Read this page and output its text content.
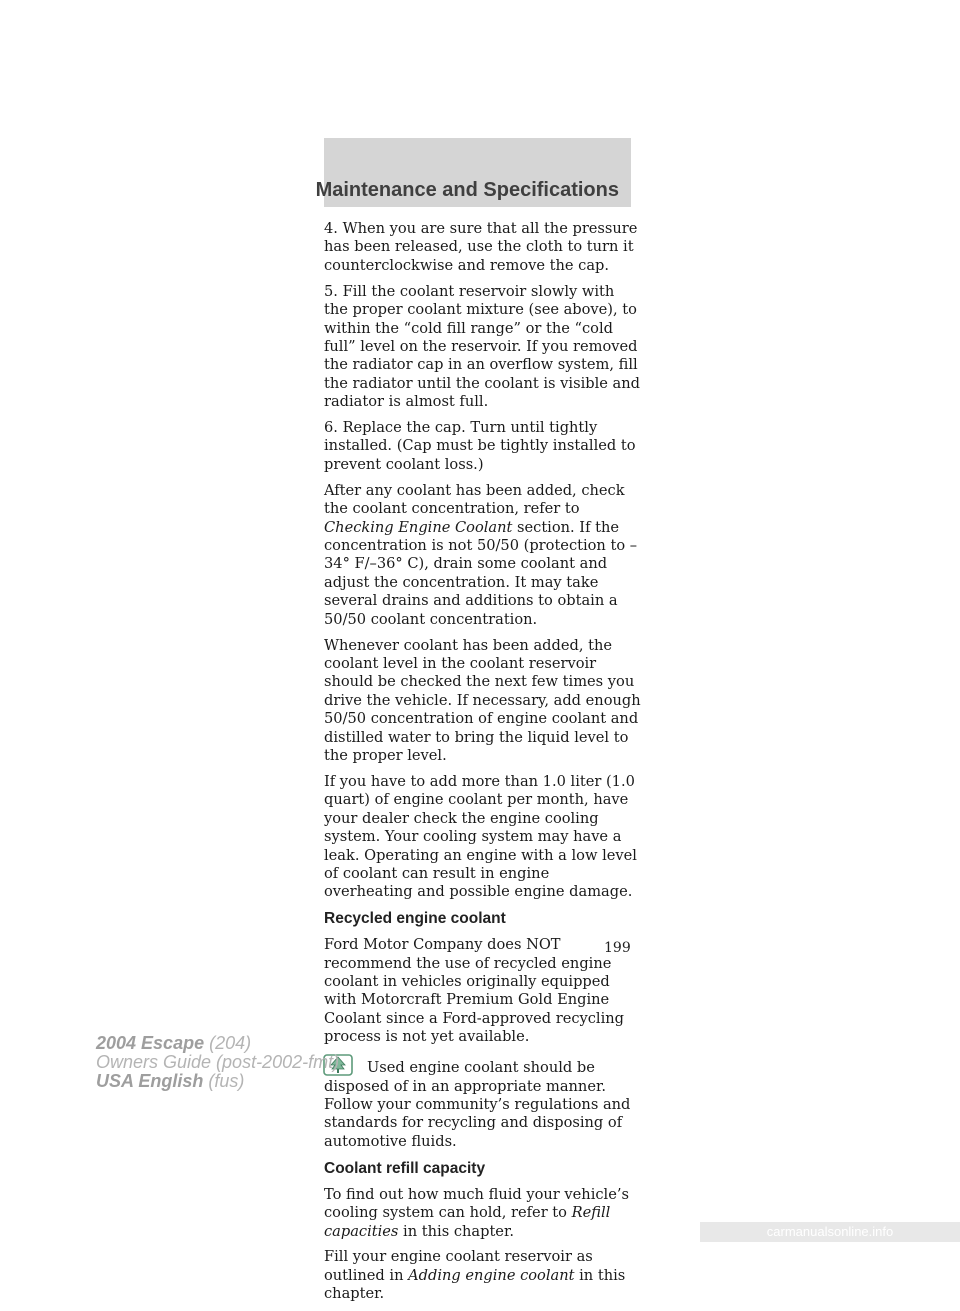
Maintenance and Specifications

4. When you are sure that all the pressure has been released, use the cloth to turn it counterclockwise and remove the cap.

5. Fill the coolant reservoir slowly with the proper coolant mixture (see above), to within the “cold fill range” or the “cold full” level on the reservoir. If you removed the radiator cap in an overflow system, fill the radiator until the coolant is visible and radiator is almost full.

6. Replace the cap. Turn until tightly installed. (Cap must be tightly installed to prevent coolant loss.)

After any coolant has been added, check the coolant concentration, refer to Checking Engine Coolant section. If the concentration is not 50/50 (protection to –34° F/–36° C), drain some coolant and adjust the concentration. It may take several drains and additions to obtain a 50/50 coolant concentration.

Whenever coolant has been added, the coolant level in the coolant reservoir should be checked the next few times you drive the vehicle. If necessary, add enough 50/50 concentration of engine coolant and distilled water to bring the liquid level to the proper level.

If you have to add more than 1.0 liter (1.0 quart) of engine coolant per month, have your dealer check the engine cooling system. Your cooling system may have a leak. Operating an engine with a low level of coolant can result in engine overheating and possible engine damage.

Recycled engine coolant

Ford Motor Company does NOT recommend the use of recycled engine coolant in vehicles originally equipped with Motorcraft Premium Gold Engine Coolant since a Ford-approved recycling process is not yet available.

Used engine coolant should be disposed of in an appropriate manner. Follow your community’s regulations and standards for recycling and disposing of automotive fluids.

Coolant refill capacity

To find out how much fluid your vehicle’s cooling system can hold, refer to Refill capacities in this chapter.

Fill your engine coolant reservoir as outlined in Adding engine coolant in this chapter.

199
2004 Escape (204)
Owners Guide (post-2002-fmt)
USA English (fus)
carmanualsonline.info
